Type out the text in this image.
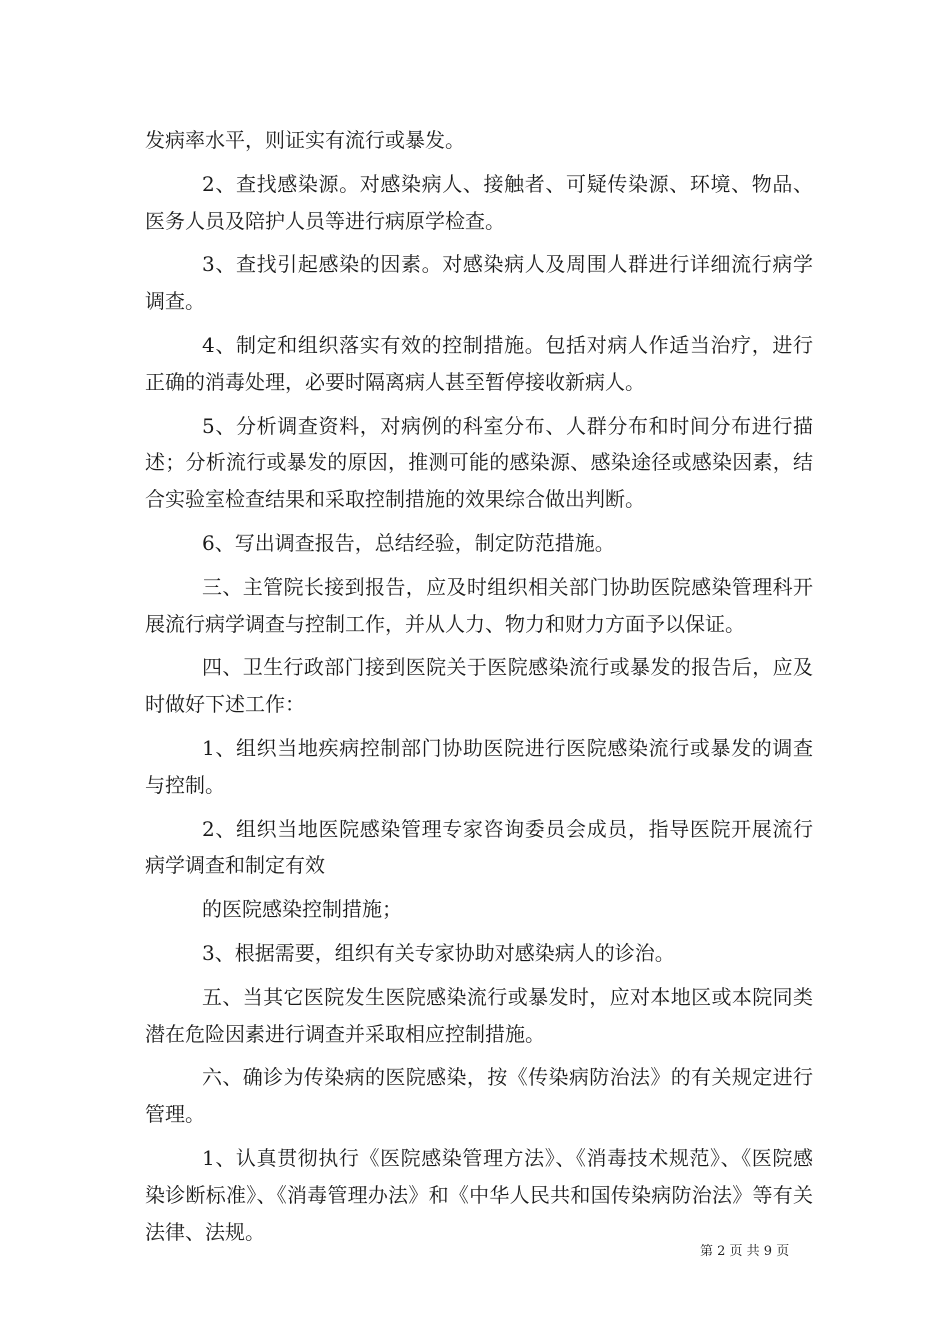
发病率水平，则证实有流行或暴发。

2、查找感染源。对感染病人、接触者、可疑传染源、环境、物品、医务人员及陪护人员等进行病原学检查。

3、查找引起感染的因素。对感染病人及周围人群进行详细流行病学调查。

4、制定和组织落实有效的控制措施。包括对病人作适当治疗，进行正确的消毒处理，必要时隔离病人甚至暂停接收新病人。

5、分析调查资料，对病例的科室分布、人群分布和时间分布进行描述；分析流行或暴发的原因，推测可能的感染源、感染途径或感染因素，结合实验室检查结果和采取控制措施的效果综合做出判断。

6、写出调查报告，总结经验，制定防范措施。

三、主管院长接到报告，应及时组织相关部门协助医院感染管理科开展流行病学调查与控制工作，并从人力、物力和财力方面予以保证。

四、卫生行政部门接到医院关于医院感染流行或暴发的报告后，应及时做好下述工作：

1、组织当地疾病控制部门协助医院进行医院感染流行或暴发的调查与控制。

2、组织当地医院感染管理专家咨询委员会成员，指导医院开展流行病学调查和制定有效

的医院感染控制措施；

3、根据需要，组织有关专家协助对感染病人的诊治。

五、当其它医院发生医院感染流行或暴发时，应对本地区或本院同类潜在危险因素进行调查并采取相应控制措施。

六、确诊为传染病的医院感染，按《传染病防治法》的有关规定进行管理。

1、认真贯彻执行《医院感染管理方法》、《消毒技术规范》、《医院感染诊断标准》、《消毒管理办法》和《中华人民共和国传染病防治法》等有关法律、法规。

第 2 页 共 9 页
